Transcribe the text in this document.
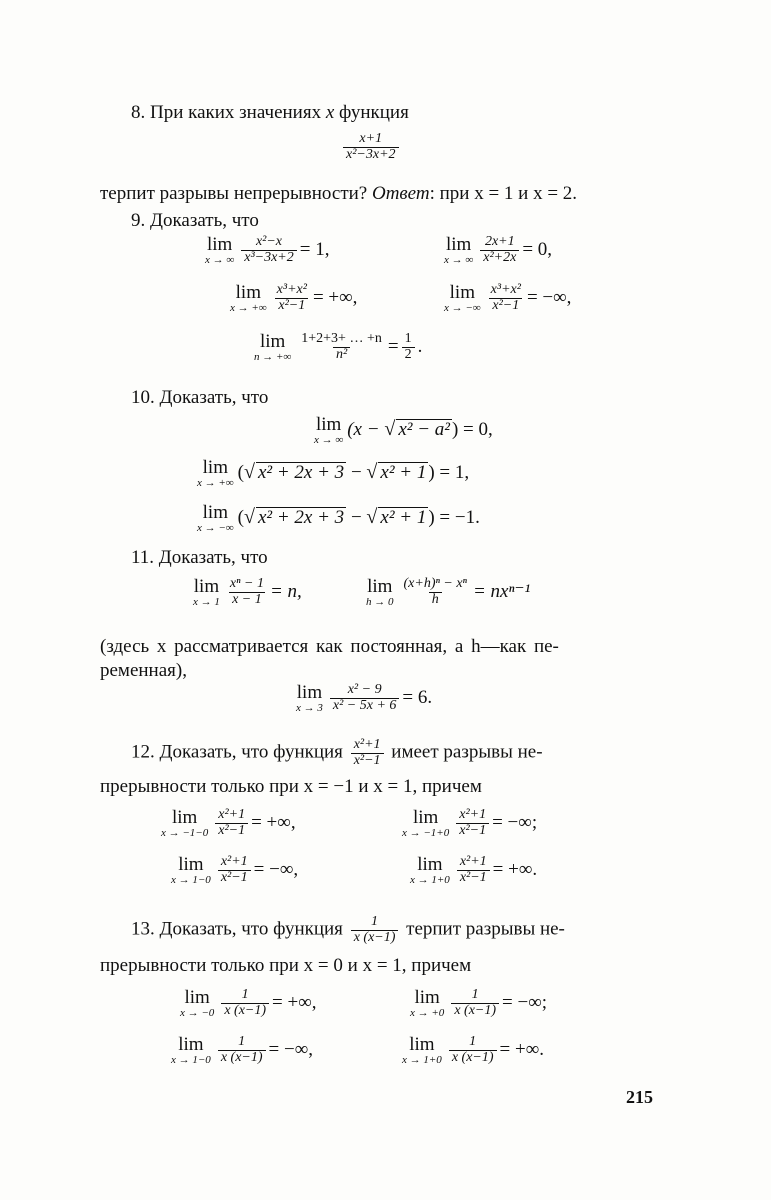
8. При каких значениях x функция
$\frac{x+1}{\text{x²−3x+2}}$
терпит разрывы непрерывности? Ответ: при x = 1 и x = 2.
9. Доказать, что
lim
x → ∞ $\frac{\text{x²−x}}{\text{x³−3x+2}} = 1$,	lim
x → ∞ $\frac{2x+1}{\text{x²+2x}} = 0$,
lim
x → +∞ $\frac{\text{x³+x²}}{\text{x²−1}}$ = +∞,	lim
x → −∞ $\frac{\text{x³+x²}}{\text{x²−1}}$ = −∞,
lim
n → +∞ $\frac{1+2+3+ \dots +n}{\text{n²}} = \frac{1}{2}$ .
10. Доказать, что
lim
x → ∞
(x − √ x² − a² ) = 0,
lim
x → +∞
( √ x² + 2x + 3 − √ x² + 1 ) = 1,
lim
x → −∞
( √ x² + 2x + 3 − √ x² + 1 ) = −1.
11. Доказать, что
lim
$x \to 1 \frac{\text{xⁿ − 1}}{x - 1} = n$,	lim
$h \to 0 \frac{\text{(x+h)ⁿ − xⁿ}}{h} = nx^{n-1}$
(здесь x рассматривается как постоянная, а h—как пе-
ременная),
lim
$x \to 3 \frac{\text{x² − 9}}{\text{x² − 5x + 6}} = 6$.
12. Доказать, что функция $\frac{\text{x²+1}}{\text{x²−1}}$ имеет разрывы не-
прерывности только при x = −1 и x = 1, причем
lim
$x \to -1-0 \frac{\text{x²+1}}{\text{x²−1}}$ = +∞,	lim
$x \to -1+0 \frac{\text{x²+1}}{\text{x²−1}}$ = −∞;
lim
$x \to 1-0 \frac{\text{x²+1}}{\text{x²−1}}$ = −∞,	lim
$x \to 1+0 \frac{\text{x²+1}}{\text{x²−1}}$ = +∞.
13. Доказать, что функция $\frac{1}{x (x-1)}$ терпит разрывы не-
прерывности только при x = 0 и x = 1, причем
lim
$x \to -0 \frac{1}{x (x-1)}$ = +∞,	lim
$x \to +0 \frac{1}{x (x-1)}$ = −∞;
lim
$x \to 1-0 \frac{1}{x (x-1)}$ = −∞,	lim
$x \to 1+0 \frac{1}{x (x-1)}$ = +∞.
215
